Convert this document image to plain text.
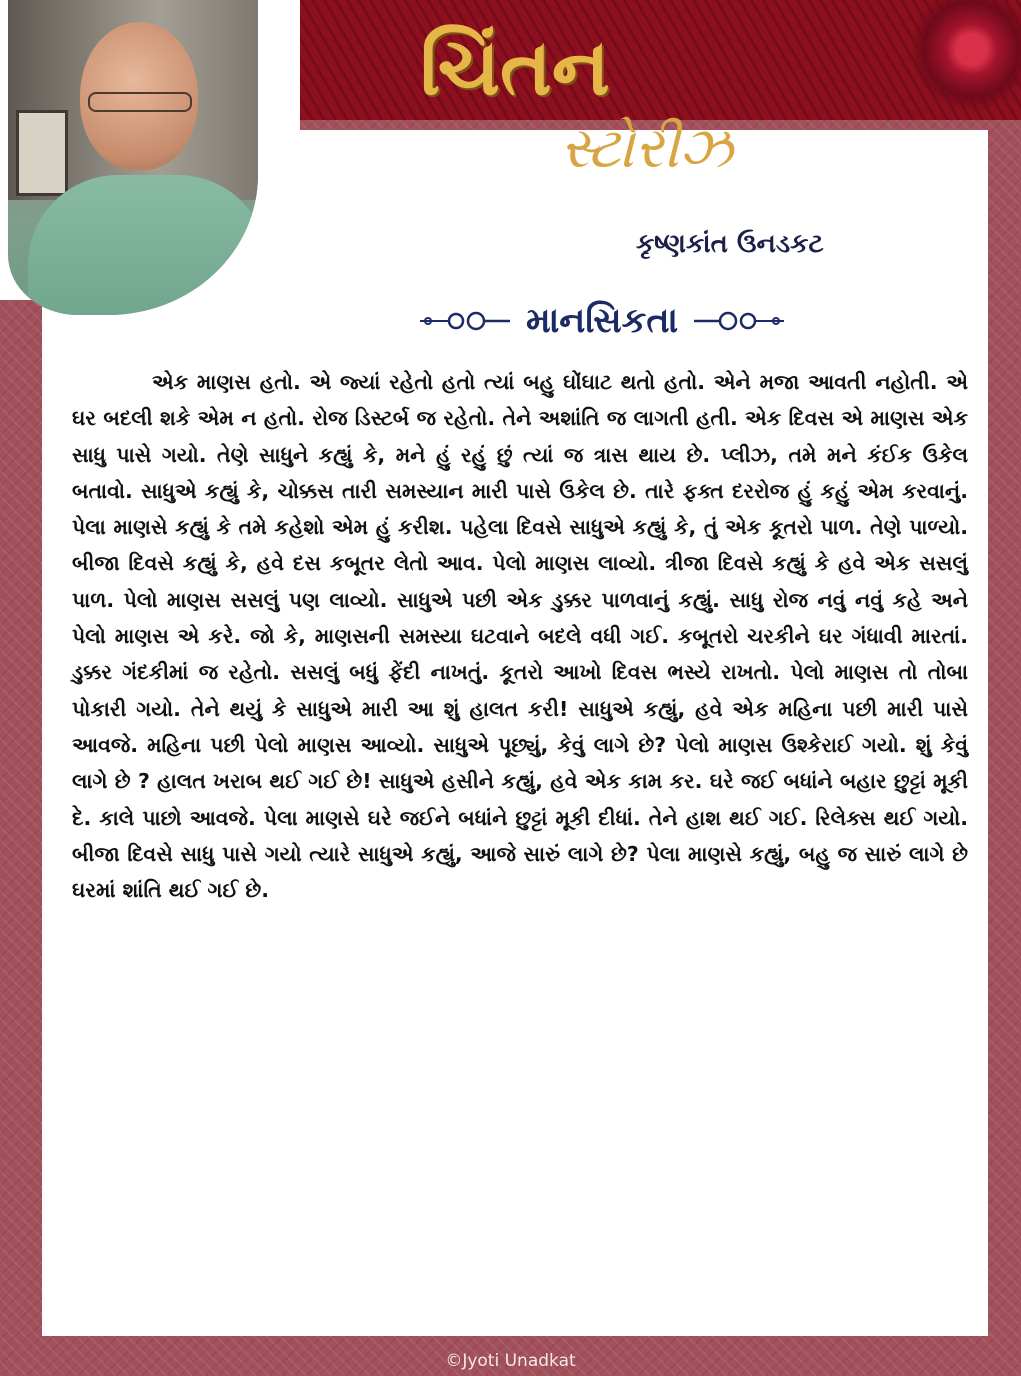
ચિંતન
સ્ટોરીઝ
કૃષ્ણકાંત ઉનડકટ
માનસિકતા

એક માણસ હતો. એ જ્યાં રહેતો હતો ત્યાં બહુ ઘોંઘાટ થતો હતો. એને મજા આવતી નહોતી. એ ઘર બદલી શકે એમ ન હતો. રોજ ડિસ્ટર્બ જ રહેતો. તેને અશાંતિ જ લાગતી હતી. એક દિવસ એ માણસ એક સાધુ પાસે ગયો. તેણે સાધુને કહ્યું કે, મને હું રહું છું ત્યાં જ ત્રાસ થાય છે. પ્લીઝ, તમે મને કંઈક ઉકેલ બતાવો. સાધુએ કહ્યું કે, ચોક્કસ તારી સમસ્યાન મારી પાસે ઉકેલ છે. તારે ફક્ત દરરોજ હું કહું એમ કરવાનું. પેલા માણસે કહ્યું કે તમે કહેશો એમ હું કરીશ. પહેલા દિવસે સાધુએ કહ્યું કે, તું એક કૂતરો પાળ. તેણે પાળ્યો. બીજા દિવસે કહ્યું કે, હવે દસ કબૂતર લેતો આવ. પેલો માણસ લાવ્યો. ત્રીજા દિવસે કહ્યું કે હવે એક સસલું પાળ. પેલો માણસ સસલું પણ લાવ્યો. સાધુએ પછી એક ડુક્કર પાળવાનું કહ્યું. સાધુ રોજ નવું નવું કહે અને પેલો માણસ એ કરે. જો કે, માણસની સમસ્યા ઘટવાને બદલે વધી ગઈ. કબૂતરો ચરકીને ઘર ગંધાવી મારતાં. ડુક્કર ગંદકીમાં જ રહેતો. સસલું બધું ફેંદી નાખતું. કૂતરો આખો દિવસ ભસ્યે રાખતો. પેલો માણસ તો તોબા પોકારી ગયો. તેને થયું કે સાધુએ મારી આ શું હાલત કરી! સાધુએ કહ્યું, હવે એક મહિના પછી મારી પાસે આવજે. મહિના પછી પેલો માણસ આવ્યો. સાધુએ પૂછ્યું, કેવું લાગે છે? પેલો માણસ ઉશ્કેરાઈ ગયો. શું કેવું લાગે છે ? હાલત ખરાબ થઈ ગઈ છે! સાધુએ હસીને કહ્યું, હવે એક કામ કર. ઘરે જઈ બધાંને બહાર છુટ્ટાં મૂકી દે. કાલે પાછો આવજે. પેલા માણસે ઘરે જઈને બધાંને છુટ્ટાં મૂકી દીધાં. તેને હાશ થઈ ગઈ. રિલેક્સ થઈ ગયો. બીજા દિવસે સાધુ પાસે ગયો ત્યારે સાધુએ કહ્યું, આજે સારું લાગે છે? પેલા માણસે કહ્યું, બહુ જ સારું લાગે છે ઘરમાં શાંતિ થઈ ગઈ છે.

©Jyoti Unadkat
